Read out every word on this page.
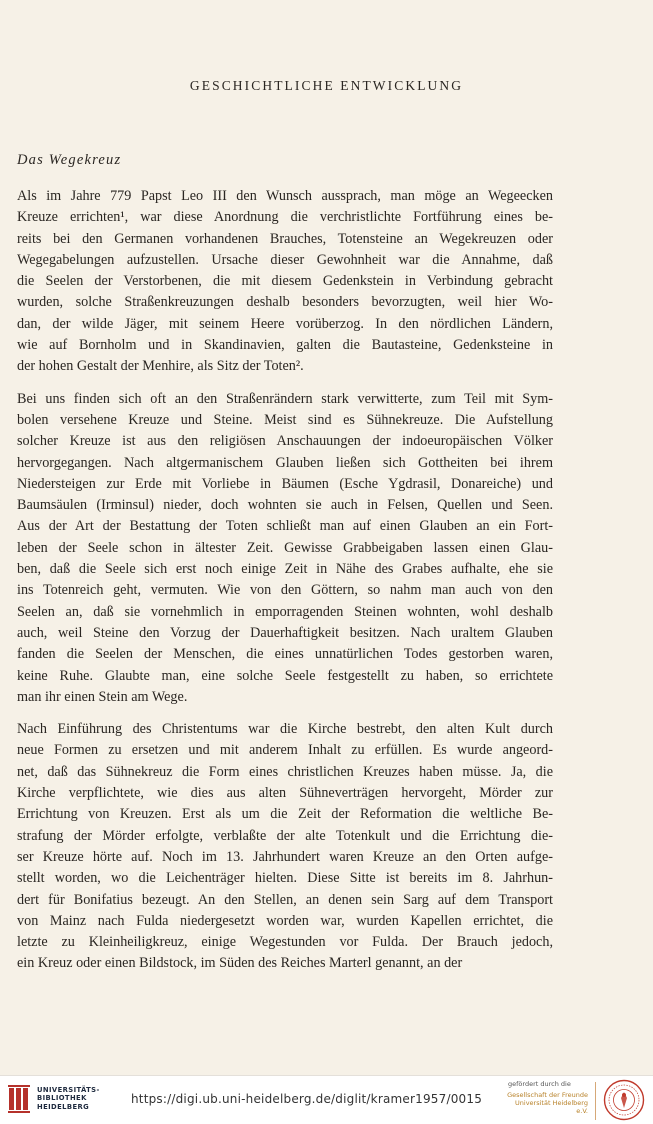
GESCHICHTLICHE ENTWICKLUNG
Das Wegekreuz
Als im Jahre 779 Papst Leo III den Wunsch aussprach, man möge an Wegeecken
Kreuze errichten¹, war diese Anordnung die verchristlichte Fortführung eines be-
reits bei den Germanen vorhandenen Brauches, Totensteine an Wegekreuzen oder
Wegegabelungen aufzustellen. Ursache dieser Gewohnheit war die Annahme, daß
die Seelen der Verstorbenen, die mit diesem Gedenkstein in Verbindung gebracht
wurden, solche Straßenkreuzungen deshalb besonders bevorzugten, weil hier Wo-
dan, der wilde Jäger, mit seinem Heere vorüberzog. In den nördlichen Ländern,
wie auf Bornholm und in Skandinavien, galten die Bautasteine, Gedenksteine in
der hohen Gestalt der Menhire, als Sitz der Toten².
Bei uns finden sich oft an den Straßenrändern stark verwitterte, zum Teil mit Sym-
bolen versehene Kreuze und Steine. Meist sind es Sühnekreuze. Die Aufstellung
solcher Kreuze ist aus den religiösen Anschauungen der indoeuropäischen Völker
hervorgegangen. Nach altgermanischem Glauben ließen sich Gottheiten bei ihrem
Niedersteigen zur Erde mit Vorliebe in Bäumen (Esche Ygdrasil, Donareiche) und
Baumsäulen (Irminsul) nieder, doch wohnten sie auch in Felsen, Quellen und Seen.
Aus der Art der Bestattung der Toten schließt man auf einen Glauben an ein Fort-
leben der Seele schon in ältester Zeit. Gewisse Grabbeigaben lassen einen Glau-
ben, daß die Seele sich erst noch einige Zeit in Nähe des Grabes aufhalte, ehe sie
ins Totenreich geht, vermuten. Wie von den Göttern, so nahm man auch von den
Seelen an, daß sie vornehmlich in emporragenden Steinen wohnten, wohl deshalb
auch, weil Steine den Vorzug der Dauerhaftigkeit besitzen. Nach uraltem Glauben
fanden die Seelen der Menschen, die eines unnatürlichen Todes gestorben waren,
keine Ruhe. Glaubte man, eine solche Seele festgestellt zu haben, so errichtete
man ihr einen Stein am Wege.
Nach Einführung des Christentums war die Kirche bestrebt, den alten Kult durch
neue Formen zu ersetzen und mit anderem Inhalt zu erfüllen. Es wurde angeord-
net, daß das Sühnekreuz die Form eines christlichen Kreuzes haben müsse. Ja, die
Kirche verpflichtete, wie dies aus alten Sühneverträgen hervorgeht, Mörder zur
Errichtung von Kreuzen. Erst als um die Zeit der Reformation die weltliche Be-
strafung der Mörder erfolgte, verblaßte der alte Totenkult und die Errichtung die-
ser Kreuze hörte auf. Noch im 13. Jahrhundert waren Kreuze an den Orten aufge-
stellt worden, wo die Leichenträger hielten. Diese Sitte ist bereits im 8. Jahrhun-
dert für Bonifatius bezeugt. An den Stellen, an denen sein Sarg auf dem Transport
von Mainz nach Fulda niedergesetzt worden war, wurden Kapellen errichtet, die
letzte zu Kleinheiligkreuz, einige Wegestunden vor Fulda. Der Brauch jedoch,
ein Kreuz oder einen Bildstock, im Süden des Reiches Marterl genannt, an der
UNIVERSITÄTS-
BIBLIOTHEK
HEIDELBERG
https://digi.ub.uni-heidelberg.de/diglit/kramer1957/0015
gefördert durch die
Gesellschaft der Freunde
Universität Heidelberg e.V.
